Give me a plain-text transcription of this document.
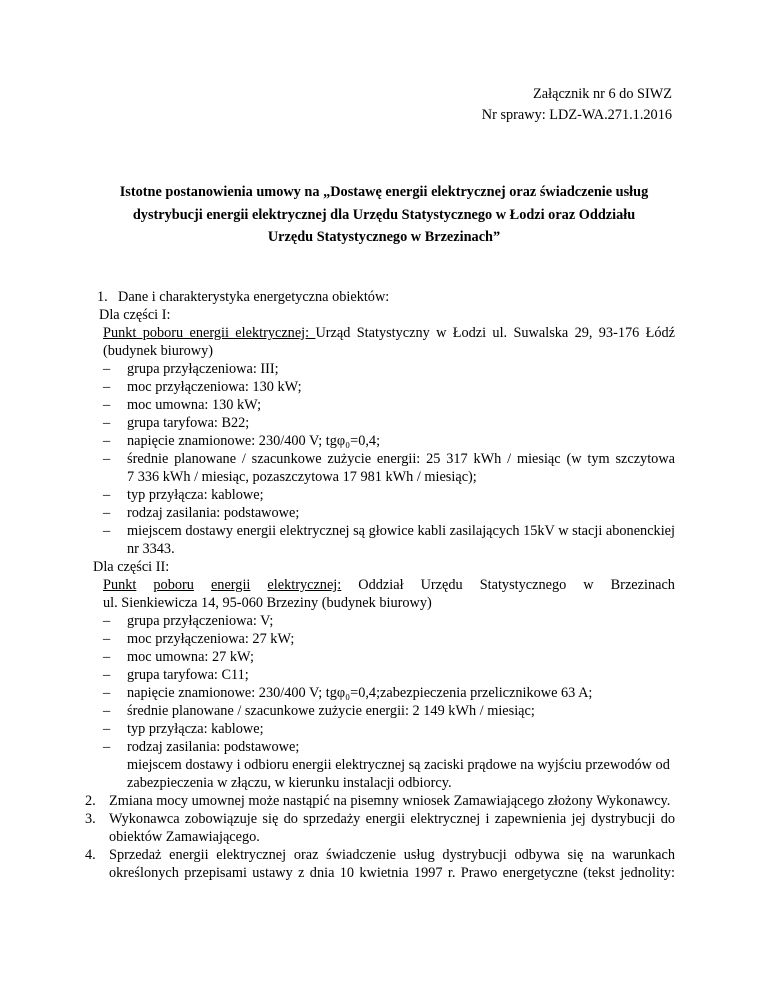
Załącznik nr 6 do SIWZ
Nr sprawy: LDZ-WA.271.1.2016
Istotne postanowienia umowy na „Dostawę energii elektrycznej oraz świadczenie usług
dystrybucji energii elektrycznej dla Urzędu Statystycznego w Łodzi oraz Oddziału
Urzędu Statystycznego w Brzezinach”
1. Dane i charakterystyka energetyczna obiektów:
Dla części I:
Punkt poboru energii elektrycznej: Urząd Statystyczny w Łodzi ul. Suwalska 29, 93-176 Łódź
(budynek biurowy)
– grupa przyłączeniowa: III;
– moc przyłączeniowa: 130 kW;
– moc umowna: 130 kW;
– grupa taryfowa: B22;
– napięcie znamionowe: 230/400 V; tgφ₀=0,4;
– średnie planowane / szacunkowe zużycie energii: 25 317 kWh / miesiąc (w tym szczytowa
7 336 kWh / miesiąc, pozaszczytowa 17 981 kWh / miesiąc);
– typ przyłącza: kablowe;
– rodzaj zasilania: podstawowe;
– miejscem dostawy energii elektrycznej są głowice kabli zasilających 15kV w stacji abonenckiej
nr 3343.
Dla części II:
Punkt poboru energii elektrycznej: Oddział Urzędu Statystycznego w Brzezinach
ul. Sienkiewicza 14, 95-060 Brzeziny (budynek biurowy)
– grupa przyłączeniowa: V;
– moc przyłączeniowa: 27 kW;
– moc umowna: 27 kW;
– grupa taryfowa: C11;
– napięcie znamionowe: 230/400 V; tgφ₀=0,4;zabezpieczenia przelicznikowe 63 A;
– średnie planowane / szacunkowe zużycie energii: 2 149 kWh / miesiąc;
– typ przyłącza: kablowe;
– rodzaj zasilania: podstawowe;
miejscem dostawy i odbioru energii elektrycznej są zaciski prądowe na wyjściu przewodów od
zabezpieczenia w złączu, w kierunku instalacji odbiorcy.
2. Zmiana mocy umownej może nastąpić na pisemny wniosek Zamawiającego złożony Wykonawcy.
3. Wykonawca zobowiązuje się do sprzedaży energii elektrycznej i zapewnienia jej dystrybucji do
obiektów Zamawiającego.
4. Sprzedaż energii elektrycznej oraz świadczenie usług dystrybucji odbywa się na warunkach
określonych przepisami ustawy z dnia 10 kwietnia 1997 r. Prawo energetyczne (tekst jednolity:
